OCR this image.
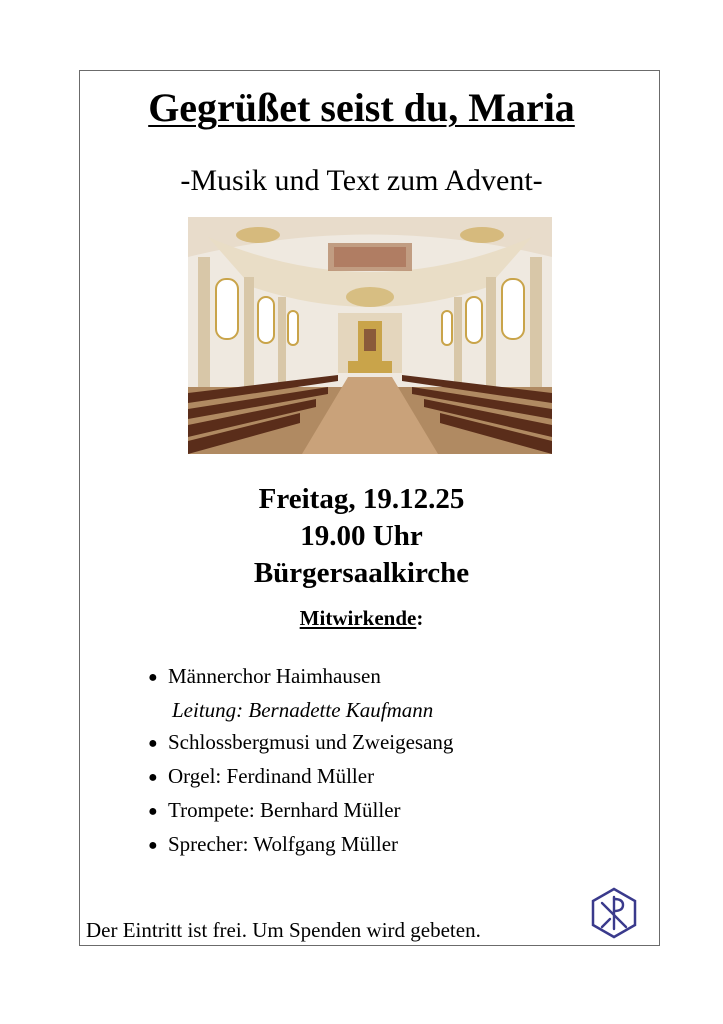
Gegrüßet seist du, Maria
-Musik und Text zum Advent-
Freitag, 19.12.25
19.00 Uhr
Bürgersaalkirche
Mitwirkende:
● Männerchor Haimhausen
Leitung: Bernadette Kaufmann
● Schlossbergmusi und Zweigesang
● Orgel: Ferdinand Müller
● Trompete: Bernhard Müller
● Sprecher: Wolfgang Müller
Der Eintritt ist frei. Um Spenden wird gebeten.
